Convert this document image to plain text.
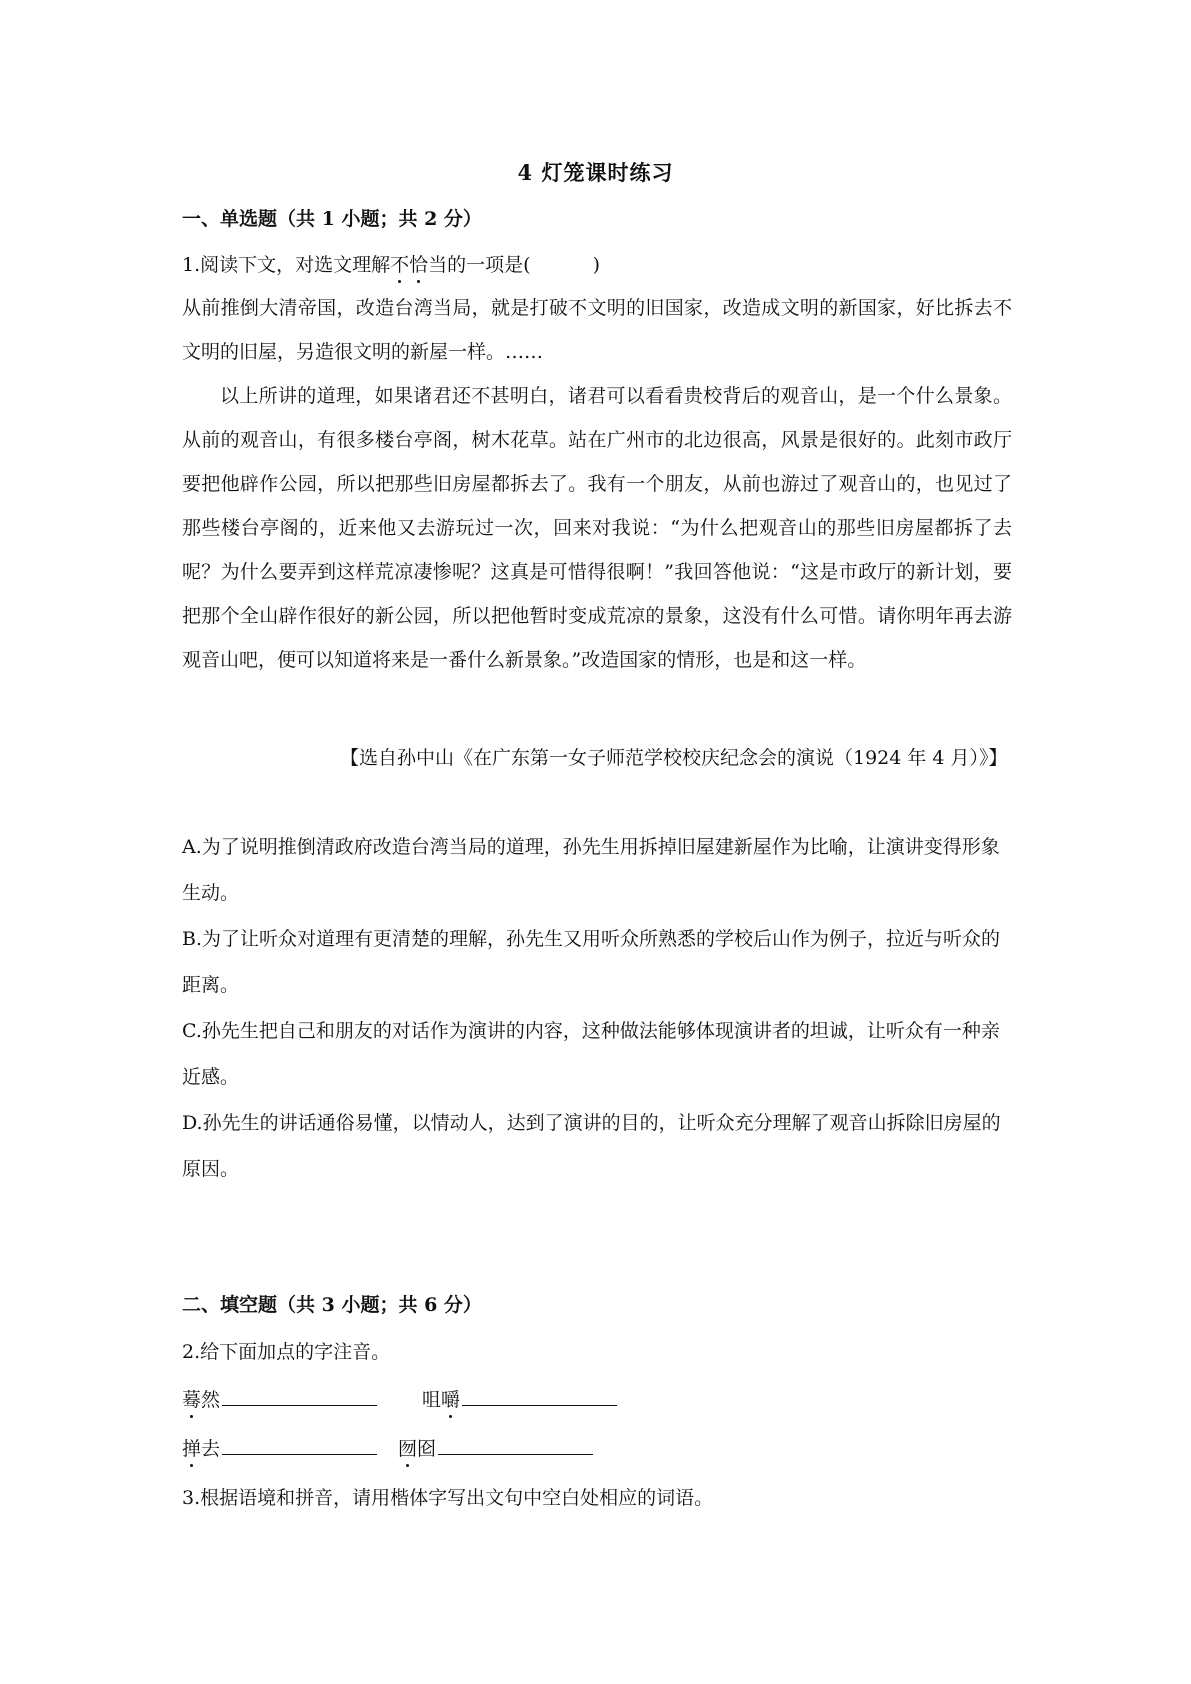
4 灯笼课时练习
一、单选题（共 1 小题；共 2 分）
1.阅读下文，对选文理解不恰当的一项是(	)

从前推倒大清帝国，改造台湾当局，就是打破不文明的旧国家，改造成文明的新国家，好比拆去不文明的旧屋，另造很文明的新屋一样。……

以上所讲的道理，如果诸君还不甚明白，诸君可以看看贵校背后的观音山，是一个什么景象。从前的观音山，有很多楼台亭阁，树木花草。站在广州市的北边很高，风景是很好的。此刻市政厅要把他辟作公园，所以把那些旧房屋都拆去了。我有一个朋友，从前也游过了观音山的，也见过了那些楼台亭阁的，近来他又去游玩过一次，回来对我说：“为什么把观音山的那些旧房屋都拆了去呢？为什么要弄到这样荒凉凄惨呢？这真是可惜得很啊！”我回答他说：“这是市政厅的新计划，要把那个全山辟作很好的新公园，所以把他暂时变成荒凉的景象，这没有什么可惜。请你明年再去游观音山吧，便可以知道将来是一番什么新景象。”改造国家的情形，也是和这一样。

【选自孙中山《在广东第一女子师范学校校庆纪念会的演说（1924 年 4 月）》】
A.为了说明推倒清政府改造台湾当局的道理，孙先生用拆掉旧屋建新屋作为比喻，让演讲变得形象生动。
B.为了让听众对道理有更清楚的理解，孙先生又用听众所熟悉的学校后山作为例子，拉近与听众的距离。
C.孙先生把自己和朋友的对话作为演讲的内容，这种做法能够体现演讲者的坦诚，让听众有一种亲近感。
D.孙先生的讲话通俗易懂，以情动人，达到了演讲的目的，让听众充分理解了观音山拆除旧房屋的原因。
二、填空题（共 3 小题；共 6 分）
2.给下面加点的字注音。
蓦然	咀嚼
掸去	囫囵
3.根据语境和拼音，请用楷体字写出文句中空白处相应的词语。
